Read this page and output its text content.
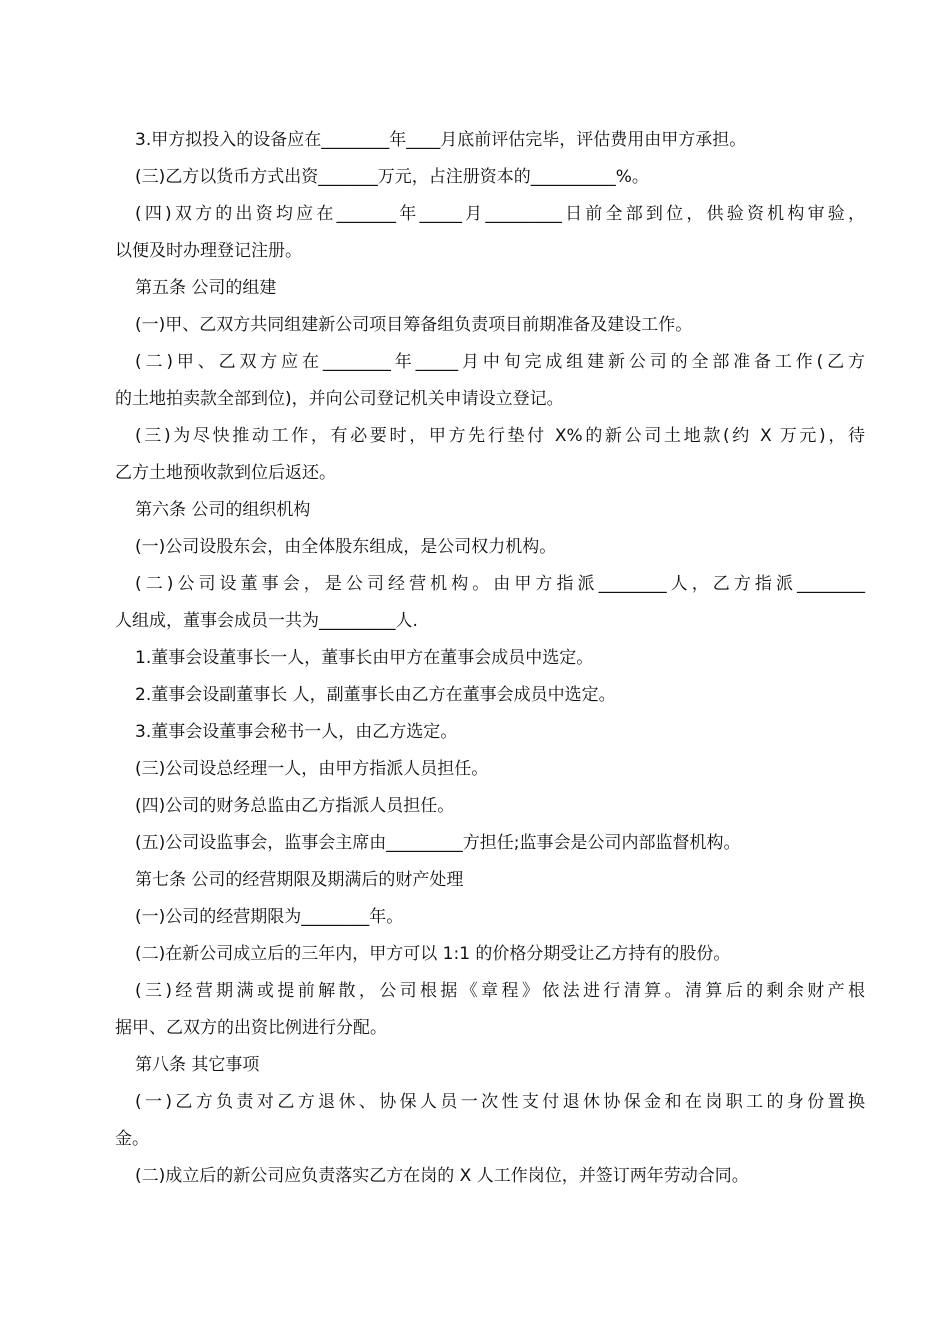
3.甲方拟投入的设备应在________年____月底前评估完毕，评估费用由甲方承担。
(三)乙方以货币方式出资_______万元，占注册资本的__________%。
(四)双方的出资均应在_______年_____月_________日前全部到位，供验资机构审验，
以便及时办理登记注册。
第五条 公司的组建
(一)甲、乙双方共同组建新公司项目筹备组负责项目前期准备及建设工作。
(二)甲、乙双方应在________年_____月中旬完成组建新公司的全部准备工作(乙方
的土地拍卖款全部到位)，并向公司登记机关申请设立登记。
(三)为尽快推动工作，有必要时，甲方先行垫付 X%的新公司土地款(约 X 万元)，待
乙方土地预收款到位后返还。
第六条 公司的组织机构
(一)公司设股东会，由全体股东组成，是公司权力机构。
(二)公司设董事会，是公司经营机构。由甲方指派________人，乙方指派________
人组成，董事会成员一共为_________人.
1.董事会设董事长一人，董事长由甲方在董事会成员中选定。
2.董事会设副董事长 人，副董事长由乙方在董事会成员中选定。
3.董事会设董事会秘书一人，由乙方选定。
(三)公司设总经理一人，由甲方指派人员担任。
(四)公司的财务总监由乙方指派人员担任。
(五)公司设监事会，监事会主席由_________方担任;监事会是公司内部监督机构。
第七条 公司的经营期限及期满后的财产处理
(一)公司的经营期限为________年。
(二)在新公司成立后的三年内，甲方可以 1:1 的价格分期受让乙方持有的股份。
(三)经营期满或提前解散，公司根据《章程》依法进行清算。清算后的剩余财产根
据甲、乙双方的出资比例进行分配。
第八条 其它事项
(一)乙方负责对乙方退休、协保人员一次性支付退休协保金和在岗职工的身份置换
金。
(二)成立后的新公司应负责落实乙方在岗的 X 人工作岗位，并签订两年劳动合同。
